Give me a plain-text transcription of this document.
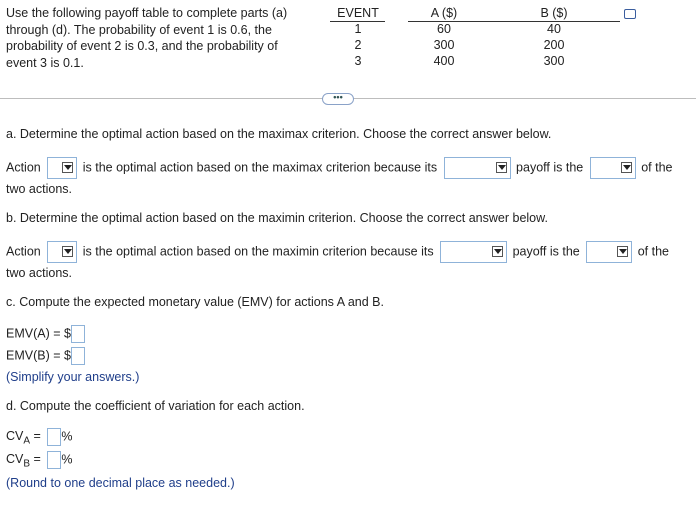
Use the following payoff table to complete parts (a) through (d). The probability of event 1 is 0.6, the probability of event 2 is 0.3, and the probability of event 3 is 0.1.
EVENT	A ($)	B ($)
1	60	40
2	300	200
3	400	300
•••
a. Determine the optimal action based on the maximax criterion. Choose the correct answer below.
Action	is the optimal action based on the maximax criterion because its	payoff is the	of the
two actions.
b. Determine the optimal action based on the maximin criterion. Choose the correct answer below.
Action	is the optimal action based on the maximin criterion because its	payoff is the	of the
two actions.
c. Compute the expected monetary value (EMV) for actions A and B.
EMV(A) = $
EMV(B) = $
(Simplify your answers.)
d. Compute the coefficient of variation for each action.
$CV_A$ = %
$CV_B$ = %
(Round to one decimal place as needed.)
